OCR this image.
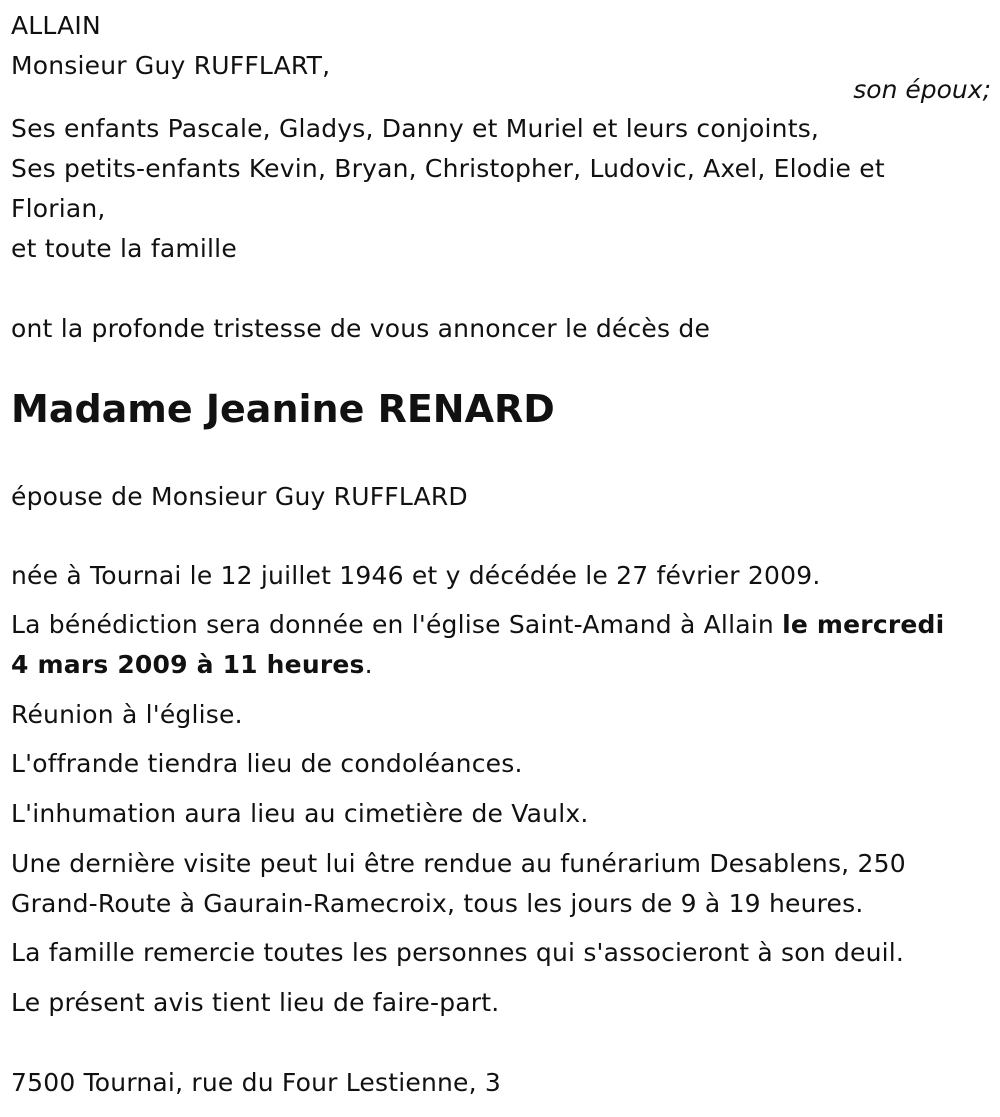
ALLAIN
Monsieur Guy RUFFLART,
son époux;
Ses enfants Pascale, Gladys, Danny et Muriel et leurs conjoints,
Ses petits-enfants Kevin, Bryan, Christopher, Ludovic, Axel, Elodie et
Florian,
et toute la famille
ont la profonde tristesse de vous annoncer le décès de
Madame Jeanine RENARD
épouse de Monsieur Guy RUFFLARD
née à Tournai le 12 juillet 1946 et y décédée le 27 février 2009.
La bénédiction sera donnée en l'église Saint-Amand à Allain le mercredi
4 mars 2009 à 11 heures.
Réunion à l'église.
L'offrande tiendra lieu de condoléances.
L'inhumation aura lieu au cimetière de Vaulx.
Une dernière visite peut lui être rendue au funérarium Desablens, 250
Grand-Route à Gaurain-Ramecroix, tous les jours de 9 à 19 heures.
La famille remercie toutes les personnes qui s'associeront à son deuil.
Le présent avis tient lieu de faire-part.
7500 Tournai, rue du Four Lestienne, 3
